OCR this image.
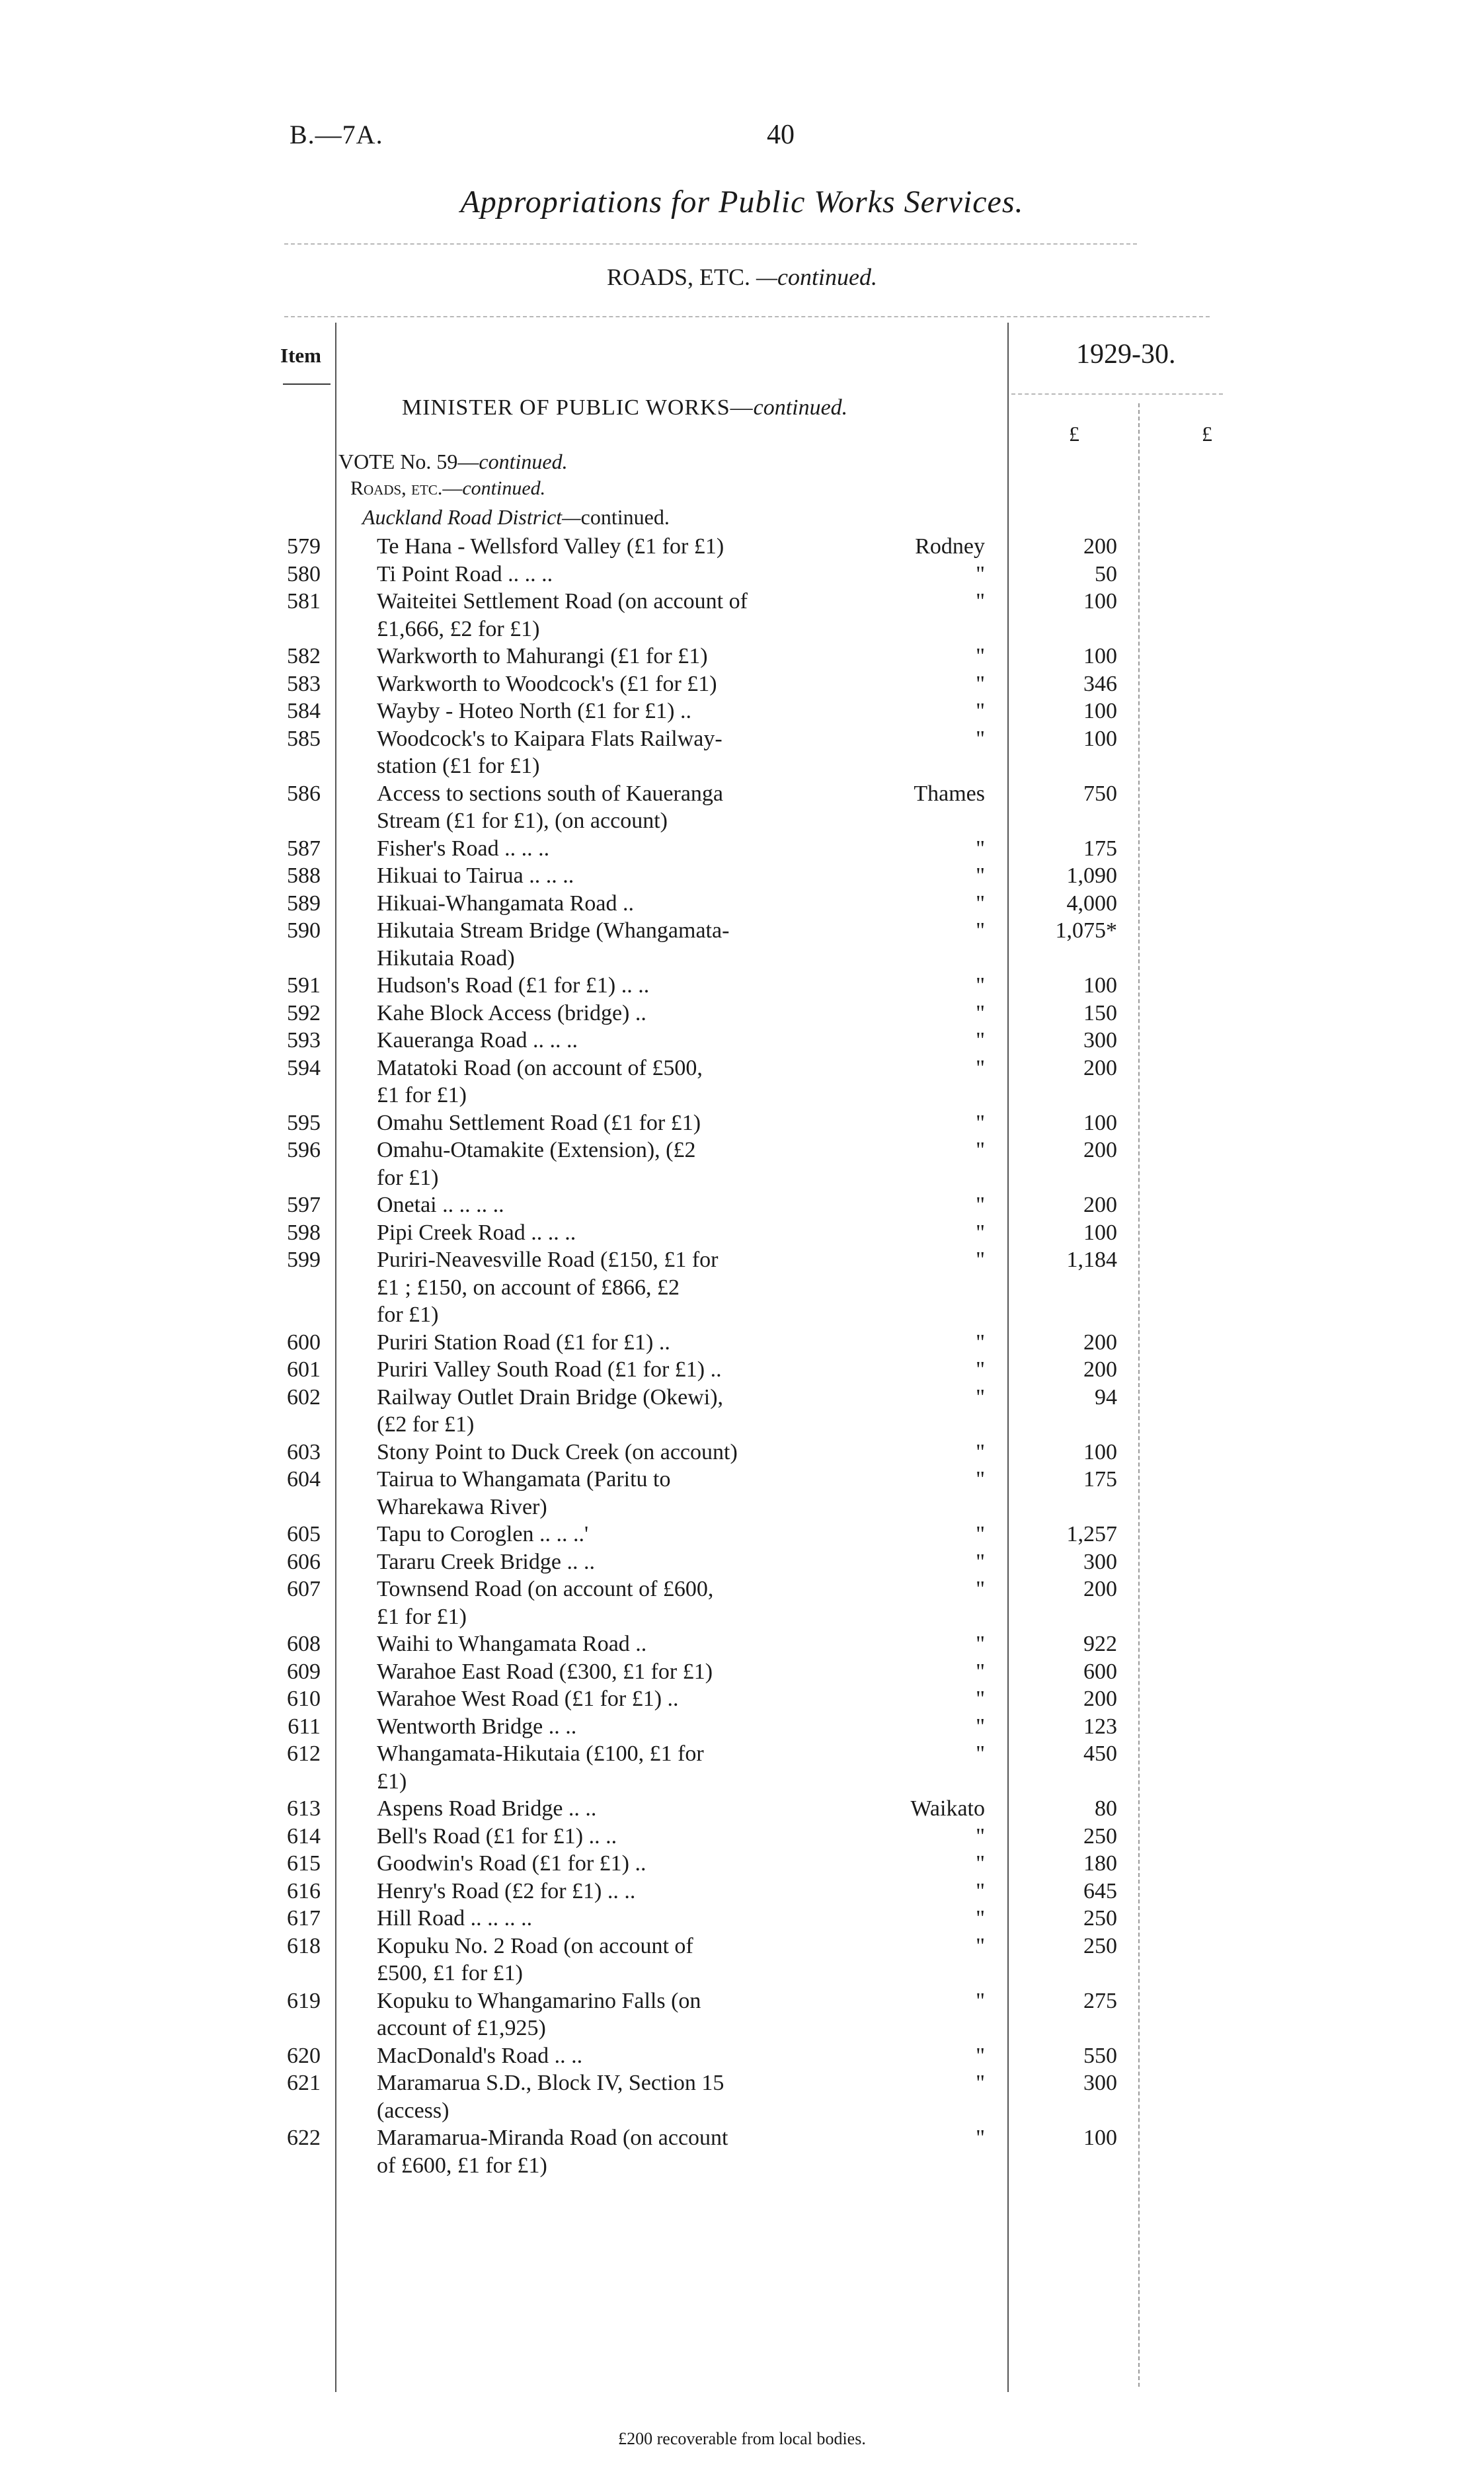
B.—7A.	40
Appropriations for Public Works Services.
ROADS, ETC. —continued.
Item	1929-30.
MINISTER OF PUBLIC WORKS—continued.
£	£
VOTE No. 59—continued.
Roads, etc.—continued.
Auckland Road District—continued.
579	Te Hana - Wellsford Valley (£1 for £1)	Rodney	200
580	Ti Point Road .. .. ..	"	50
581	Waiteitei Settlement Road (on account of
£1,666, £2 for £1)
"	100
582	Warkworth to Mahurangi (£1 for £1)	"	100
583	Warkworth to Woodcock's (£1 for £1)	"	346
584	Wayby - Hoteo North (£1 for £1) ..	"	100
585	Woodcock's to Kaipara Flats Railway-
station (£1 for £1)
"	100
586	Access to sections south of Kaueranga
Stream (£1 for £1), (on account)
Thames	750
587	Fisher's Road .. .. ..	"	175
588	Hikuai to Tairua .. .. ..	"	1,090
589	Hikuai-Whangamata Road ..	"	4,000
590	Hikutaia Stream Bridge (Whangamata-
Hikutaia Road)
"	1,075*
591	Hudson's Road (£1 for £1) .. ..	"	100
592	Kahe Block Access (bridge) ..	"	150
593	Kaueranga Road .. .. ..	"	300
594	Matatoki Road (on account of £500,
£1 for £1)
"	200
595	Omahu Settlement Road (£1 for £1)	"	100
596	Omahu-Otamakite (Extension), (£2
for £1)
"	200
597	Onetai .. .. .. ..	"	200
598	Pipi Creek Road .. .. ..	"	100
599	Puriri-Neavesville Road (£150, £1 for
£1 ; £150, on account of £866, £2
for £1)
"	1,184
600	Puriri Station Road (£1 for £1) ..	"	200
601	Puriri Valley South Road (£1 for £1) ..	"	200
602	Railway Outlet Drain Bridge (Okewi),
(£2 for £1)
"	94
603	Stony Point to Duck Creek (on account)	"	100
604	Tairua to Whangamata (Paritu to
Wharekawa River)
"	175
605	Tapu to Coroglen .. .. ..'	"	1,257
606	Tararu Creek Bridge .. ..	"	300
607	Townsend Road (on account of £600,
£1 for £1)
"	200
608	Waihi to Whangamata Road ..	"	922
609	Warahoe East Road (£300, £1 for £1)	"	600
610	Warahoe West Road (£1 for £1) ..	"	200
611	Wentworth Bridge .. ..	"	123
612	Whangamata-Hikutaia (£100, £1 for
£1)
"	450
613	Aspens Road Bridge .. ..	Waikato	80
614	Bell's Road (£1 for £1) .. ..	"	250
615	Goodwin's Road (£1 for £1) ..	"	180
616	Henry's Road (£2 for £1) .. ..	"	645
617	Hill Road .. .. .. ..	"	250
618	Kopuku No. 2 Road (on account of
£500, £1 for £1)
"	250
619	Kopuku to Whangamarino Falls (on
account of £1,925)
"	275
620	MacDonald's Road .. ..	"	550
621	Maramarua S.D., Block IV, Section 15
(access)
"	300
622	Maramarua-Miranda Road (on account
of £600, £1 for £1)
"	100
£200 recoverable from local bodies.
